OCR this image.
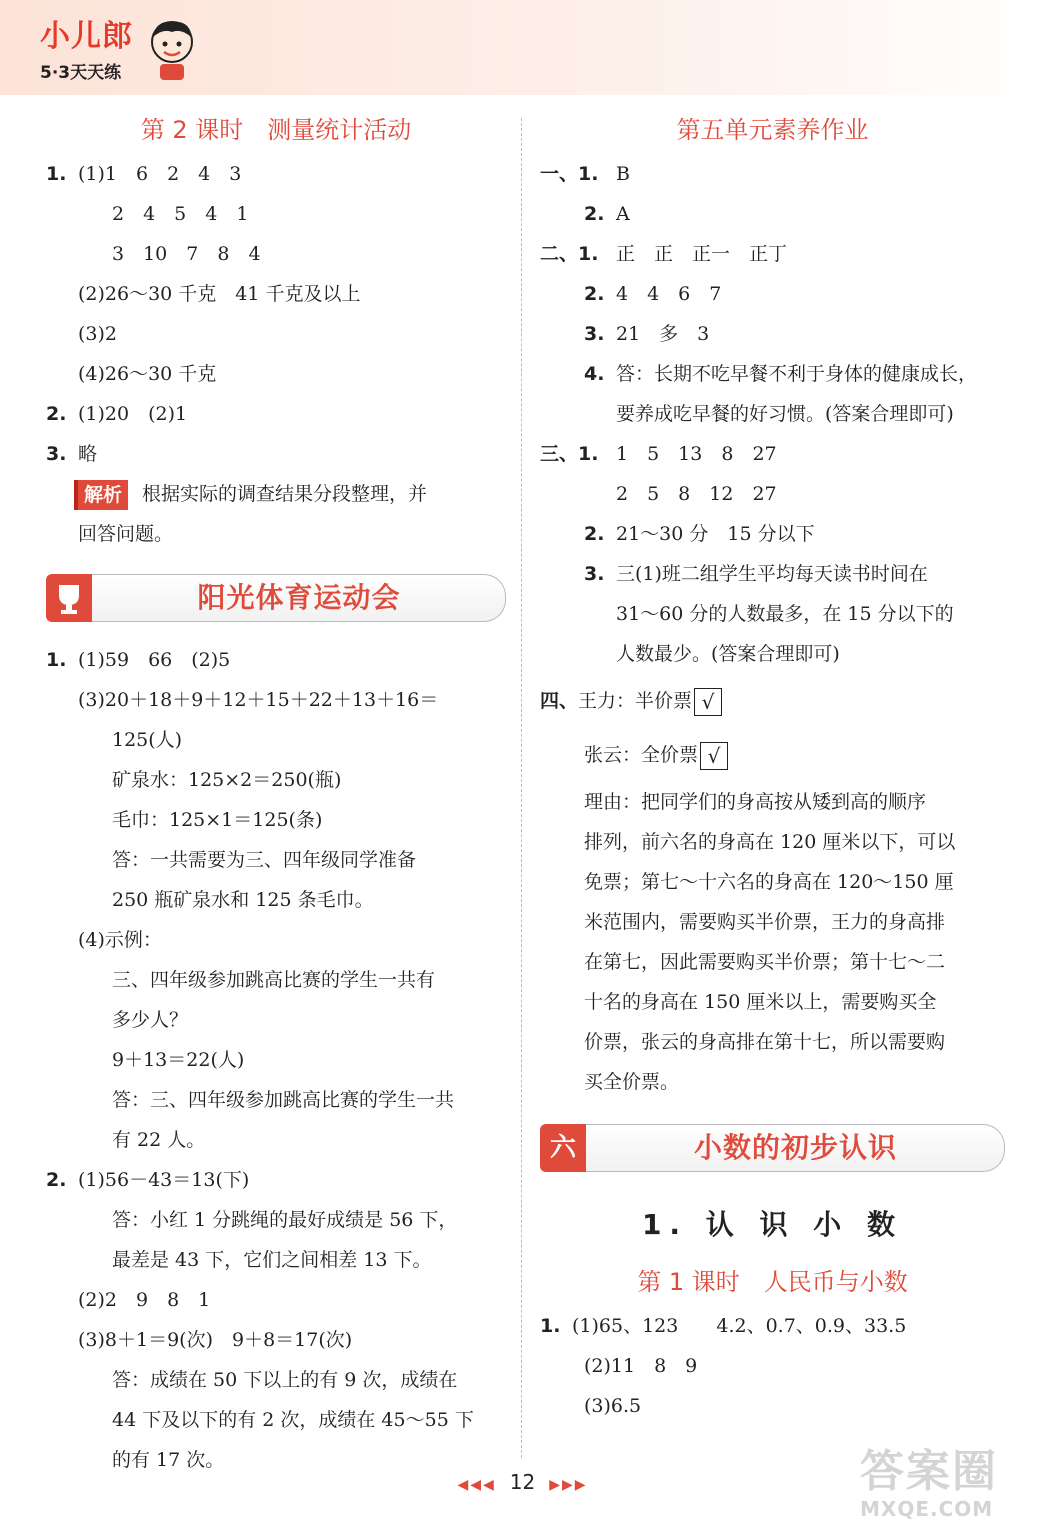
小儿郎
5·3天天练
第 2 课时　测量统计活动
1. (1)1　6　2　4　3
2　4　5　4　1
3　10　7　8　4
(2)26～30 千克　41 千克及以上
(3)2
(4)26～30 千克
2. (1)20　(2)1
3. 略
解析 根据实际的调查结果分段整理，并
回答问题。
阳光体育运动会
1. (1)59　66　(2)5
(3)20＋18＋9＋12＋15＋22＋13＋16＝
125(人)
矿泉水：125×2＝250(瓶)
毛巾：125×1＝125(条)
答：一共需要为三、四年级同学准备
250 瓶矿泉水和 125 条毛巾。
(4)示例：
三、四年级参加跳高比赛的学生一共有
多少人？
9＋13＝22(人)
答：三、四年级参加跳高比赛的学生一共
有 22 人。
2. (1)56－43＝13(下)
答：小红 1 分跳绳的最好成绩是 56 下，
最差是 43 下，它们之间相差 13 下。
(2)2　9　8　1
(3)8＋1＝9(次)　9＋8＝17(次)
答：成绩在 50 下以上的有 9 次，成绩在
44 下及以下的有 2 次，成绩在 45～55 下
的有 17 次。
第五单元素养作业
一、1. B
2. A
二、1. 正　正　正一　正丁
2. 4　4　6　7
3. 21　多　3
4. 答：长期不吃早餐不利于身体的健康成长，
要养成吃早餐的好习惯。(答案合理即可)
三、1. 1　5　13　8　27
2　5　8　12　27
2. 21～30 分　15 分以下
3. 三(1)班二组学生平均每天读书时间在
31～60 分的人数最多，在 15 分以下的
人数最少。(答案合理即可)
四、王力：半价票 √
张云：全价票 √
理由：把同学们的身高按从矮到高的顺序
排列，前六名的身高在 120 厘米以下，可以
免票；第七～十六名的身高在 120～150 厘
米范围内，需要购买半价票，王力的身高排
在第七，因此需要购买半价票；第十七～二
十名的身高在 150 厘米以上，需要购买全
价票，张云的身高排在第十七，所以需要购
买全价票。
六	小数的初步认识
1. 认 识 小 数
第 1 课时　人民币与小数
1. (1)65、123　　4.2、0.7、0.9、33.5
(2)11　8　9
(3)6.5
◀◀◀ 12 ▶▶▶	答案圈
MXQE.COM
